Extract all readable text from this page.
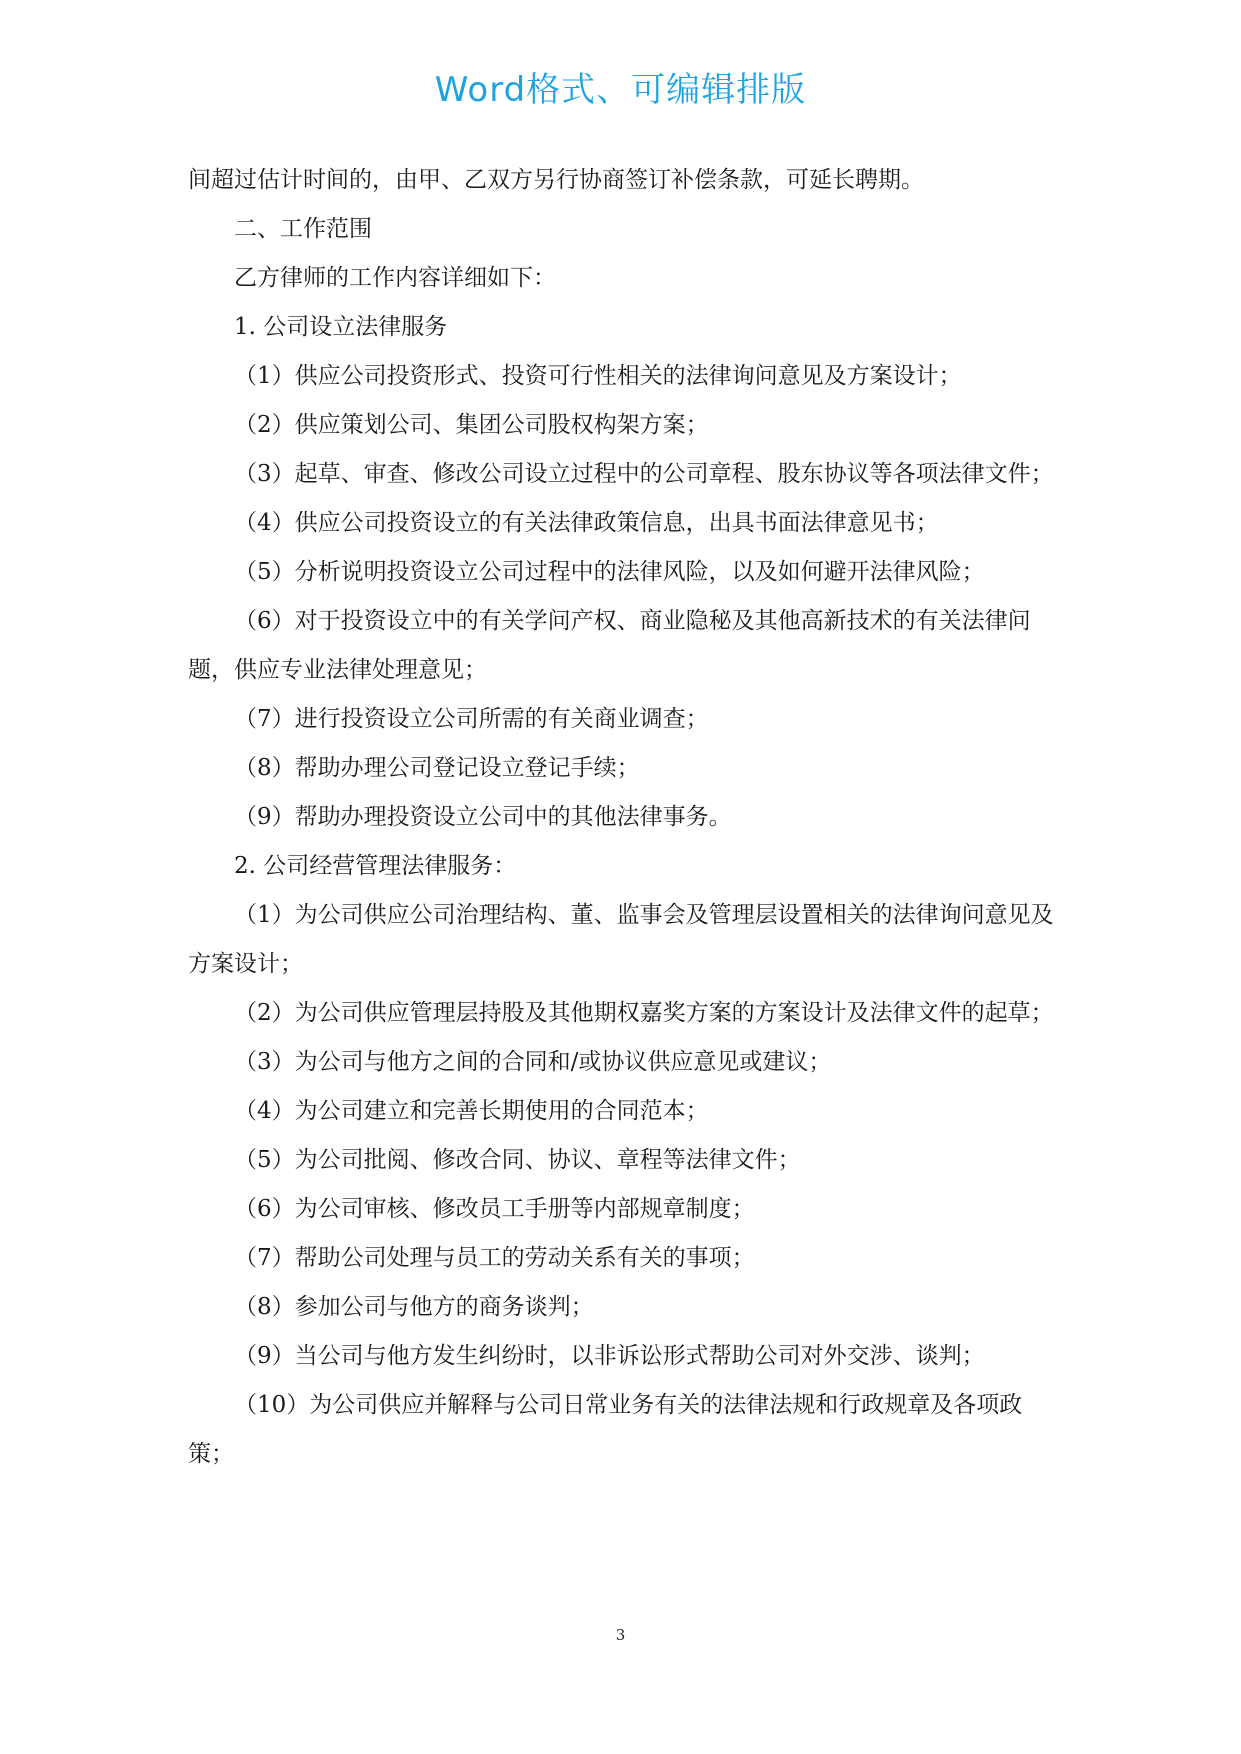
Word格式、可编辑排版

间超过估计时间的，由甲、乙双方另行协商签订补偿条款，可延长聘期。

二、工作范围

乙方律师的工作内容详细如下：

1. 公司设立法律服务

（1）供应公司投资形式、投资可行性相关的法律询问意见及方案设计；

（2）供应策划公司、集团公司股权构架方案；

（3）起草、审查、修改公司设立过程中的公司章程、股东协议等各项法律文件；

（4）供应公司投资设立的有关法律政策信息，出具书面法律意见书；

（5）分析说明投资设立公司过程中的法律风险，以及如何避开法律风险；

（6）对于投资设立中的有关学问产权、商业隐秘及其他高新技术的有关法律问题，供应专业法律处理意见；

（7）进行投资设立公司所需的有关商业调查；

（8）帮助办理公司登记设立登记手续；

（9）帮助办理投资设立公司中的其他法律事务。

2. 公司经营管理法律服务：

（1）为公司供应公司治理结构、董、监事会及管理层设置相关的法律询问意见及方案设计；

（2）为公司供应管理层持股及其他期权嘉奖方案的方案设计及法律文件的起草；

（3）为公司与他方之间的合同和/或协议供应意见或建议；

（4）为公司建立和完善长期使用的合同范本；

（5）为公司批阅、修改合同、协议、章程等法律文件；

（6）为公司审核、修改员工手册等内部规章制度；

（7）帮助公司处理与员工的劳动关系有关的事项；

（8）参加公司与他方的商务谈判；

（9）当公司与他方发生纠纷时，以非诉讼形式帮助公司对外交涉、谈判；

（10）为公司供应并解释与公司日常业务有关的法律法规和行政规章及各项政策；

3
